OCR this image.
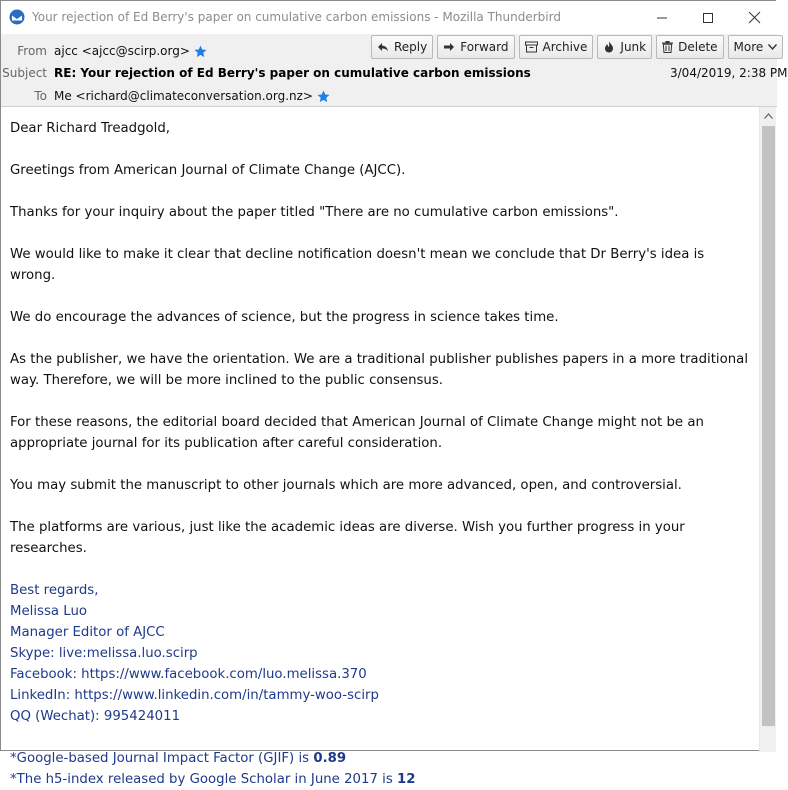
Your rejection of Ed Berry's paper on cumulative carbon emissions - Mozilla Thunderbird
From ajcc <ajcc@scirp.org>	Reply	Forward	Archive	Junk	Delete More
Subject RE: Your rejection of Ed Berry's paper on cumulative carbon emissions	3/04/2019, 2:38 PM
To Me <richard@climateconversation.org.nz>

Dear Richard Treadgold,

Greetings from American Journal of Climate Change (AJCC).

Thanks for your inquiry about the paper titled "There are no cumulative carbon emissions".

We would like to make it clear that decline notification doesn't mean we conclude that Dr Berry's idea is wrong.

We do encourage the advances of science, but the progress in science takes time.

As the publisher, we have the orientation. We are a traditional publisher publishes papers in a more traditional way. Therefore, we will be more inclined to the public consensus.

For these reasons, the editorial board decided that American Journal of Climate Change might not be an appropriate journal for its publication after careful consideration.

You may submit the manuscript to other journals which are more advanced, open, and controversial.

The platforms are various, just like the academic ideas are diverse. Wish you further progress in your researches.

Best regards,
Melissa Luo
Manager Editor of AJCC
Skype: live:melissa.luo.scirp
Facebook: https://www.facebook.com/luo.melissa.370
LinkedIn: https://www.linkedin.com/in/tammy-woo-scirp
QQ (Wechat): 995424011
*Google-based Journal Impact Factor (GJIF) is 0.89
*The h5-index released by Google Scholar in June 2017 is 12
